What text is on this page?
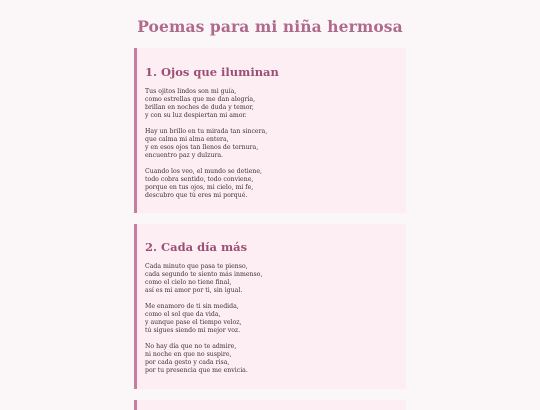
Poemas para mi niña hermosa
1. Ojos que iluminan
Tus ojitos lindos son mi guía,
como estrellas que me dan alegría,
brillan en noches de duda y temor,
y con su luz despiertan mi amor.
Hay un brillo en tu mirada tan sincera,
que calma mi alma entera,
y en esos ojos tan llenos de ternura,
encuentro paz y dulzura.
Cuando los veo, el mundo se detiene,
todo cobra sentido, todo conviene,
porque en tus ojos, mi cielo, mi fe,
descubro que tú eres mi porqué.
2. Cada día más
Cada minuto que pasa te pienso,
cada segundo te siento más inmenso,
como el cielo no tiene final,
así es mi amor por ti, sin igual.
Me enamoro de ti sin medida,
como el sol que da vida,
y aunque pase el tiempo veloz,
tú sigues siendo mi mejor voz.
No hay día que no te admire,
ni noche en que no suspire,
por cada gesto y cada risa,
por tu presencia que me envicia.
